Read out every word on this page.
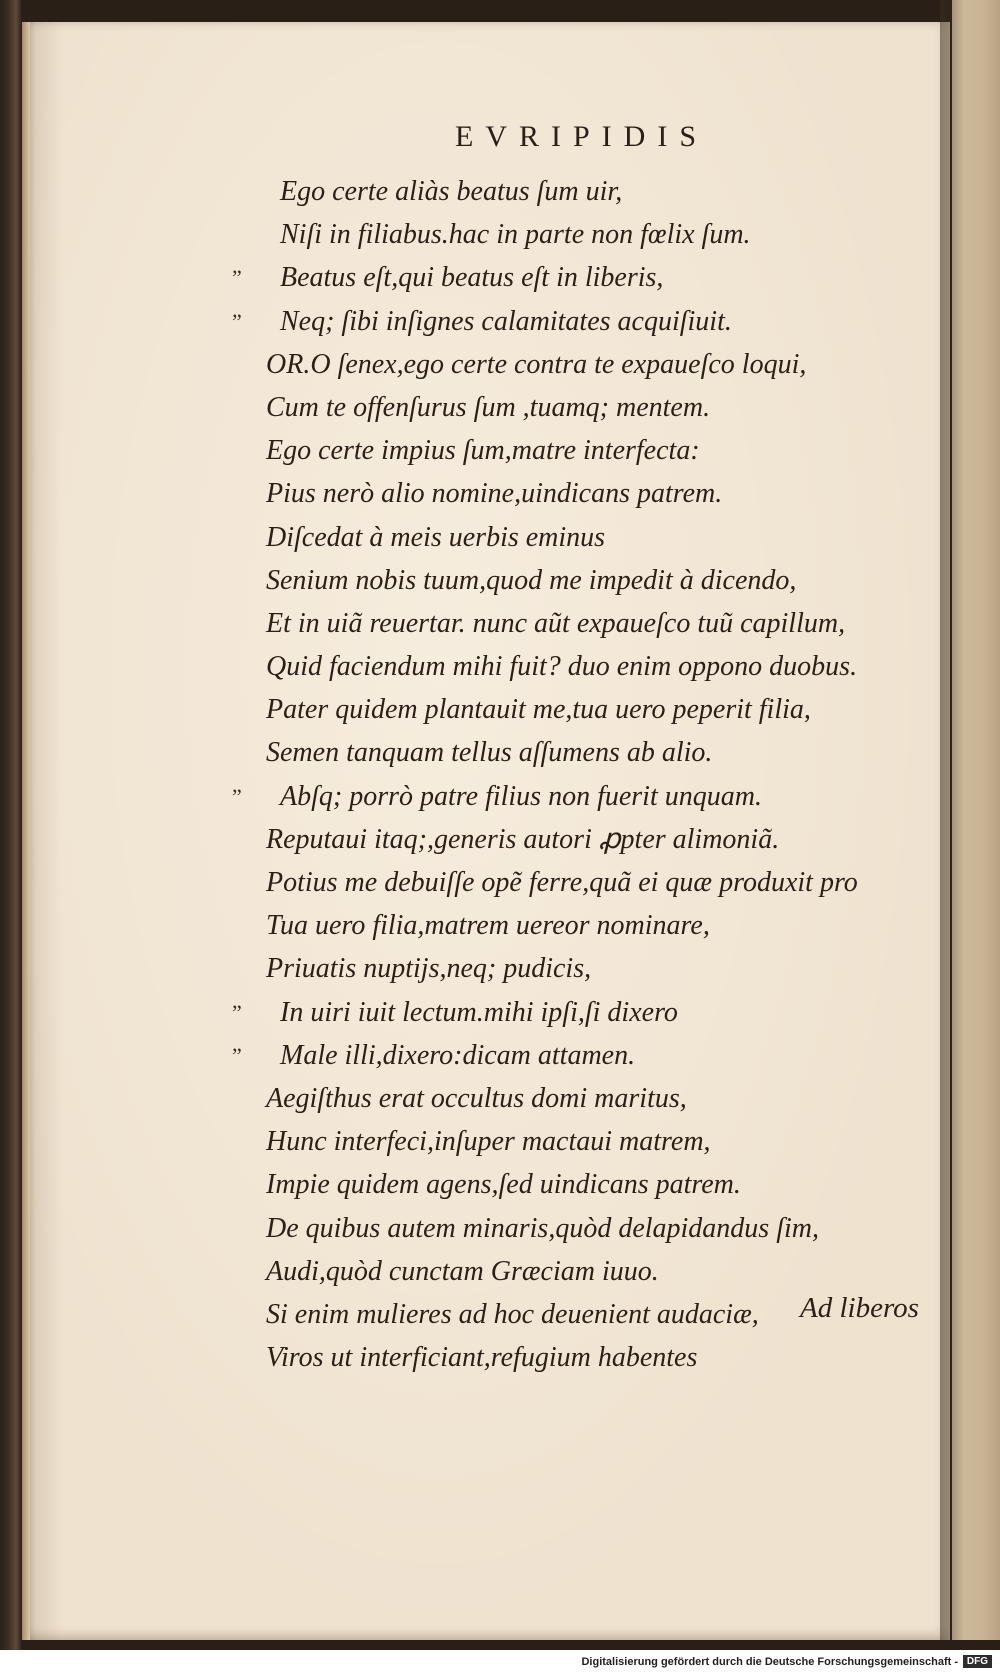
EVRIPIDIS
Ego certe aliàs beatus ſum uir,
Niſi in filiabus.hac in parte non fœlix ſum.
” Beatus eſt,qui beatus eſt in liberis,
” Neq; ſibi inſignes calamitates acquiſiuit.
OR.O ſenex,ego certe contra te expaueſco loqui,
Cum te offenſurus ſum ,tuamq; mentem.
Ego certe impius ſum,matre interfecta:
Pius nerò alio nomine,uindicans patrem.
Diſcedat à meis uerbis eminus
Senium nobis tuum,quod me impedit à dicendo,
Et in uiã reuertar. nunc aũt expaueſco tuũ capillum,
Quid faciendum mihi fuit? duo enim oppono duobus.
Pater quidem plantauit me,tua uero peperit filia,
Semen tanquam tellus aſſumens ab alio.
” Abſq; porrò patre filius non fuerit unquam.
Reputaui itaq;,generis autori ꝓpter alimoniã.
Potius me debuiſſe opẽ ferre,quã ei quæ produxit pro
Tua uero filia,matrem uereor nominare,
Priuatis nuptijs,neq; pudicis,
” In uiri iuit lectum.mihi ipſi,ſi dixero
” Male illi,dixero:dicam attamen.
Aegiſthus erat occultus domi maritus,
Hunc interfeci,inſuper mactaui matrem,
Impie quidem agens,ſed uindicans patrem.
De quibus autem minaris,quòd delapidandus ſim,
Audi,quòd cunctam Græciam iuuo.
Si enim mulieres ad hoc deuenient audaciæ,
Viros ut interficiant,refugium habentes
Ad liberos
Digitalisierung gefördert durch die Deutsche Forschungsgemeinschaft - DFG
